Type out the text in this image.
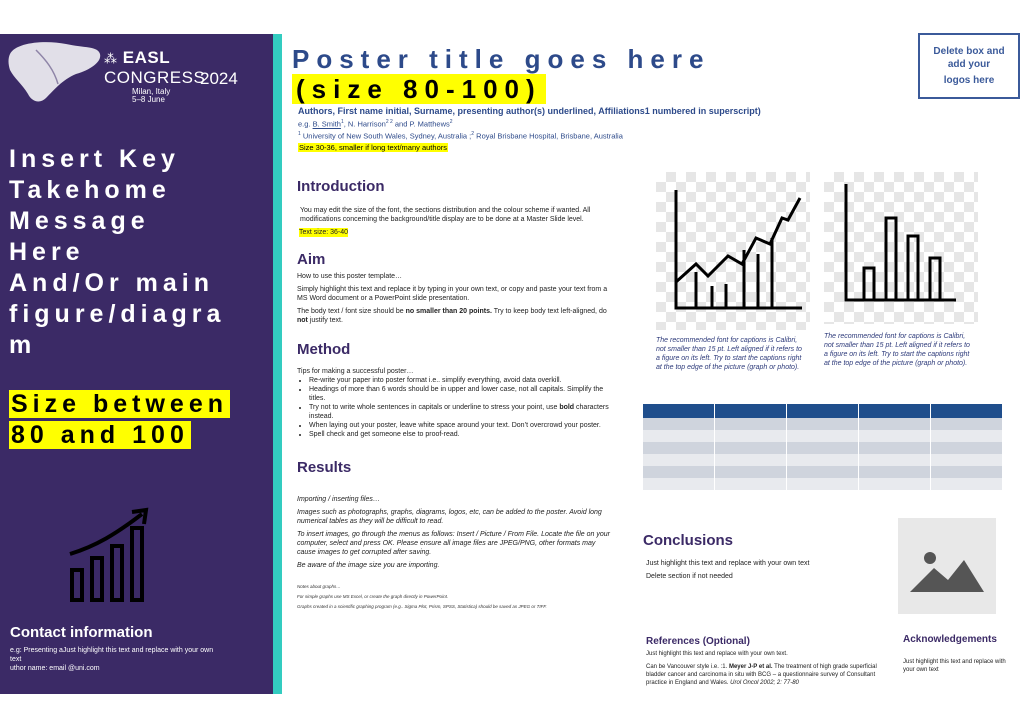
⁂ EASL CONGRESS
Milan, Italy
5–8 June
2024
Insert Key
Takehome
Message
Here
And/Or main
figure/diagra
m
Size between
80 and 100
Contact information
e.g: Presenting aJust highlight this text and replace with your own text
uthor name: email @uni.com
Poster title goes here
(size 80-100)
Authors, First name initial, Surname, presenting author(s) underlined, Affiliations1 numbered in superscript)
e.g. B. Smith$^1$, N. Harrison$^{2 2}$ and P. Matthews$^2$
$^1$ University of New South Wales, Sydney, Australia ;$^2$ Royal Brisbane Hospital, Brisbane, Australia
Size 30-36, smaller if long text/many authors
Delete box and
add your
logos here
Introduction
You may edit the size of the font, the sections distribution and the colour scheme if wanted. All modifications concerning the background/title display are to be done at a Master Slide level.
Text size: 36-40
Aim
How to use this poster template…
Simply highlight this text and replace it by typing in your own text, or copy and paste your text from a MS Word document or a PowerPoint slide presentation.
The body text / font size should be no smaller than 20 points. Try to keep body text left-aligned, do not justify text.
Method
Tips for making a successful poster…
• Re-write your paper into poster format i.e.. simplify everything, avoid data overkill.
• Headings of more than 6 words should be in upper and lower case, not all capitals. Simplify the titles.
• Try not to write whole sentences in capitals or underline to stress your point, use bold characters instead.
• When laying out your poster, leave white space around your text. Don’t overcrowd your poster.
• Spell check and get someone else to proof-read.
Results
Importing / inserting files…
Images such as photographs, graphs, diagrams, logos, etc, can be added to the poster. Avoid long numerical tables as they will be difficult to read.
To insert images, go through the menus as follows: Insert / Picture / From File. Locate the file on your computer, select and press OK. Please ensure all image files are JPEG/PNG, other formats may cause images to get corrupted after saving.
Be aware of the image size you are importing.
Notes about graphs…
For simple graphs use MS Excel, or create the graph directly in PowerPoint.
Graphs created in a scientific graphing program (e.g.. Sigma Plot, Prism, SPSS, Statistica) should be saved as JPEG or TIFF.
The recommended font for captions is Calibri, not smaller than 15 pt. Left aligned if it refers to a figure on its left. Try to start the captions right at the top edge of the picture (graph or photo).
The recommended font for captions is Calibri, not smaller than 15 pt. Left aligned if it refers to a figure on its left. Try to start the captions right at the top edge of the picture (graph or photo).

Conclusions
Just highlight this text and replace with your own text
Delete section if not needed
References (Optional)
Just highlight this text and replace with your own text.
Can be Vancouver style i.e. :1. Meyer J-P et al. The treatment of high grade superficial bladder cancer and carcinoma in situ with BCG – a questionnaire survey of Consultant practice in England and Wales. Urol Oncol 2002; 2: 77-80
Acknowledgements
Just highlight this text and replace with your own text
